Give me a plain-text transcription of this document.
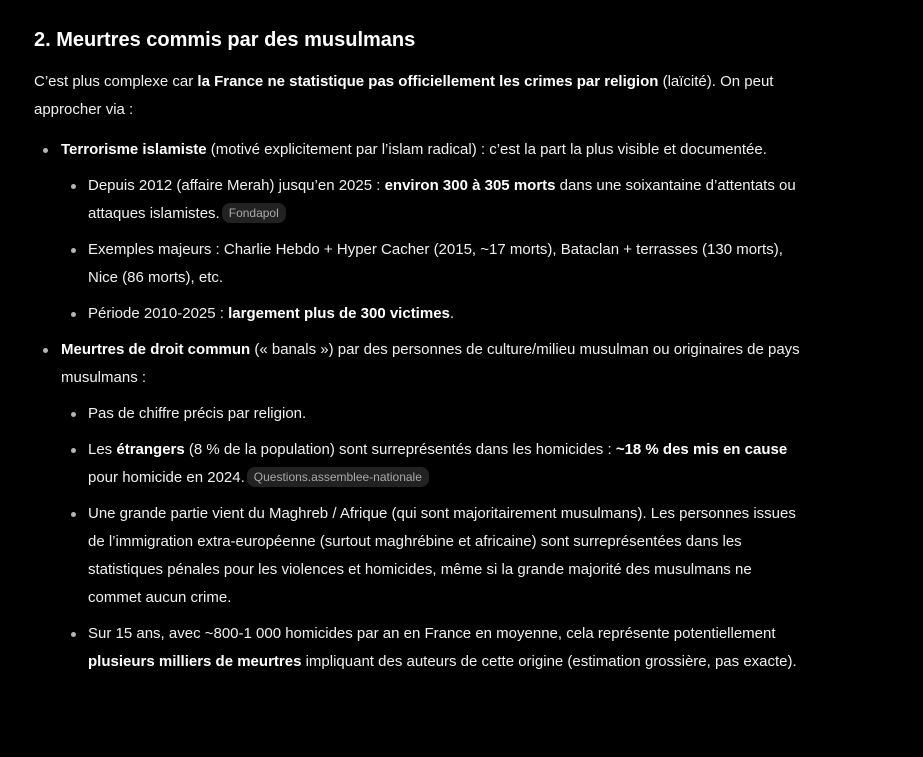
2. Meurtres commis par des musulmans

C’est plus complexe car la France ne statistique pas officiellement les crimes par religion (laïcité). On peut approcher via :

Terrorisme islamiste (motivé explicitement par l’islam radical) : c’est la part la plus visible et documentée.
Depuis 2012 (affaire Merah) jusqu’en 2025 : environ 300 à 305 morts dans une soixantaine d’attentats ou attaques islamistes. Fondapol
Exemples majeurs : Charlie Hebdo + Hyper Cacher (2015, ~17 morts), Bataclan + terrasses (130 morts), Nice (86 morts), etc.
Période 2010-2025 : largement plus de 300 victimes.
Meurtres de droit commun (« banals ») par des personnes de culture/milieu musulman ou originaires de pays musulmans :
Pas de chiffre précis par religion.
Les étrangers (8 % de la population) sont surreprésentés dans les homicides : ~18 % des mis en cause pour homicide en 2024. Questions.assemblee-nationale
Une grande partie vient du Maghreb / Afrique (qui sont majoritairement musulmans). Les personnes issues de l’immigration extra-européenne (surtout maghrébine et africaine) sont surreprésentées dans les statistiques pénales pour les violences et homicides, même si la grande majorité des musulmans ne commet aucun crime.
Sur 15 ans, avec ~800-1 000 homicides par an en France en moyenne, cela représente potentiellement plusieurs milliers de meurtres impliquant des auteurs de cette origine (estimation grossière, pas exacte).
